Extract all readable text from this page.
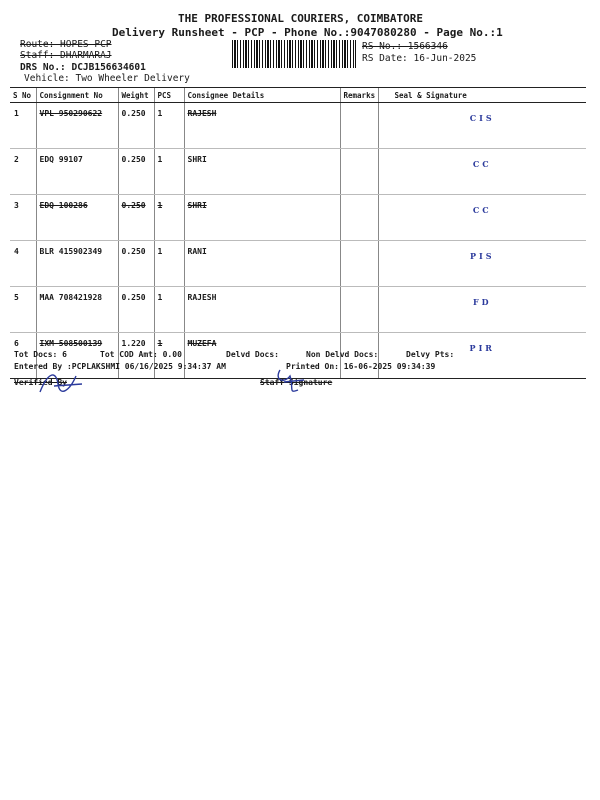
THE PROFESSIONAL COURIERS, COIMBATORE
Delivery Runsheet - PCP - Phone No.:9047080280 - Page No.:1
Route: HOPES PCP
Staff: DHARMARAJ
DRS No.: DCJB156634601
Vehicle: Two Wheeler Delivery
RS No.: 1566346
RS Date: 16-Jun-2025
S No	Consignment No	Weight	PCS	Consignee Details	Remarks	Seal & Signature
1	VPL 950290622	0.250	1	RAJESH		CIS
2	EDQ 99107	0.250	1	SHRI		CC
3	EDQ 100286	0.250	1	SHRI		CC
4	BLR 415902349	0.250	1	RANI		PIS
5	MAA 708421928	0.250	1	RAJESH		FD
6	IXM 508500139	1.220	1	MUZEFA		PIR
Tot Docs: 6	Tot COD Amt: 0.00	Delvd Docs:	Non Delvd Docs:	Delvy Pts:
Entered By :PCPLAKSHMI 06/16/2025 9:34:37 AM	Printed On: 16-06-2025 09:34:39
Verified By	Staff Signature
